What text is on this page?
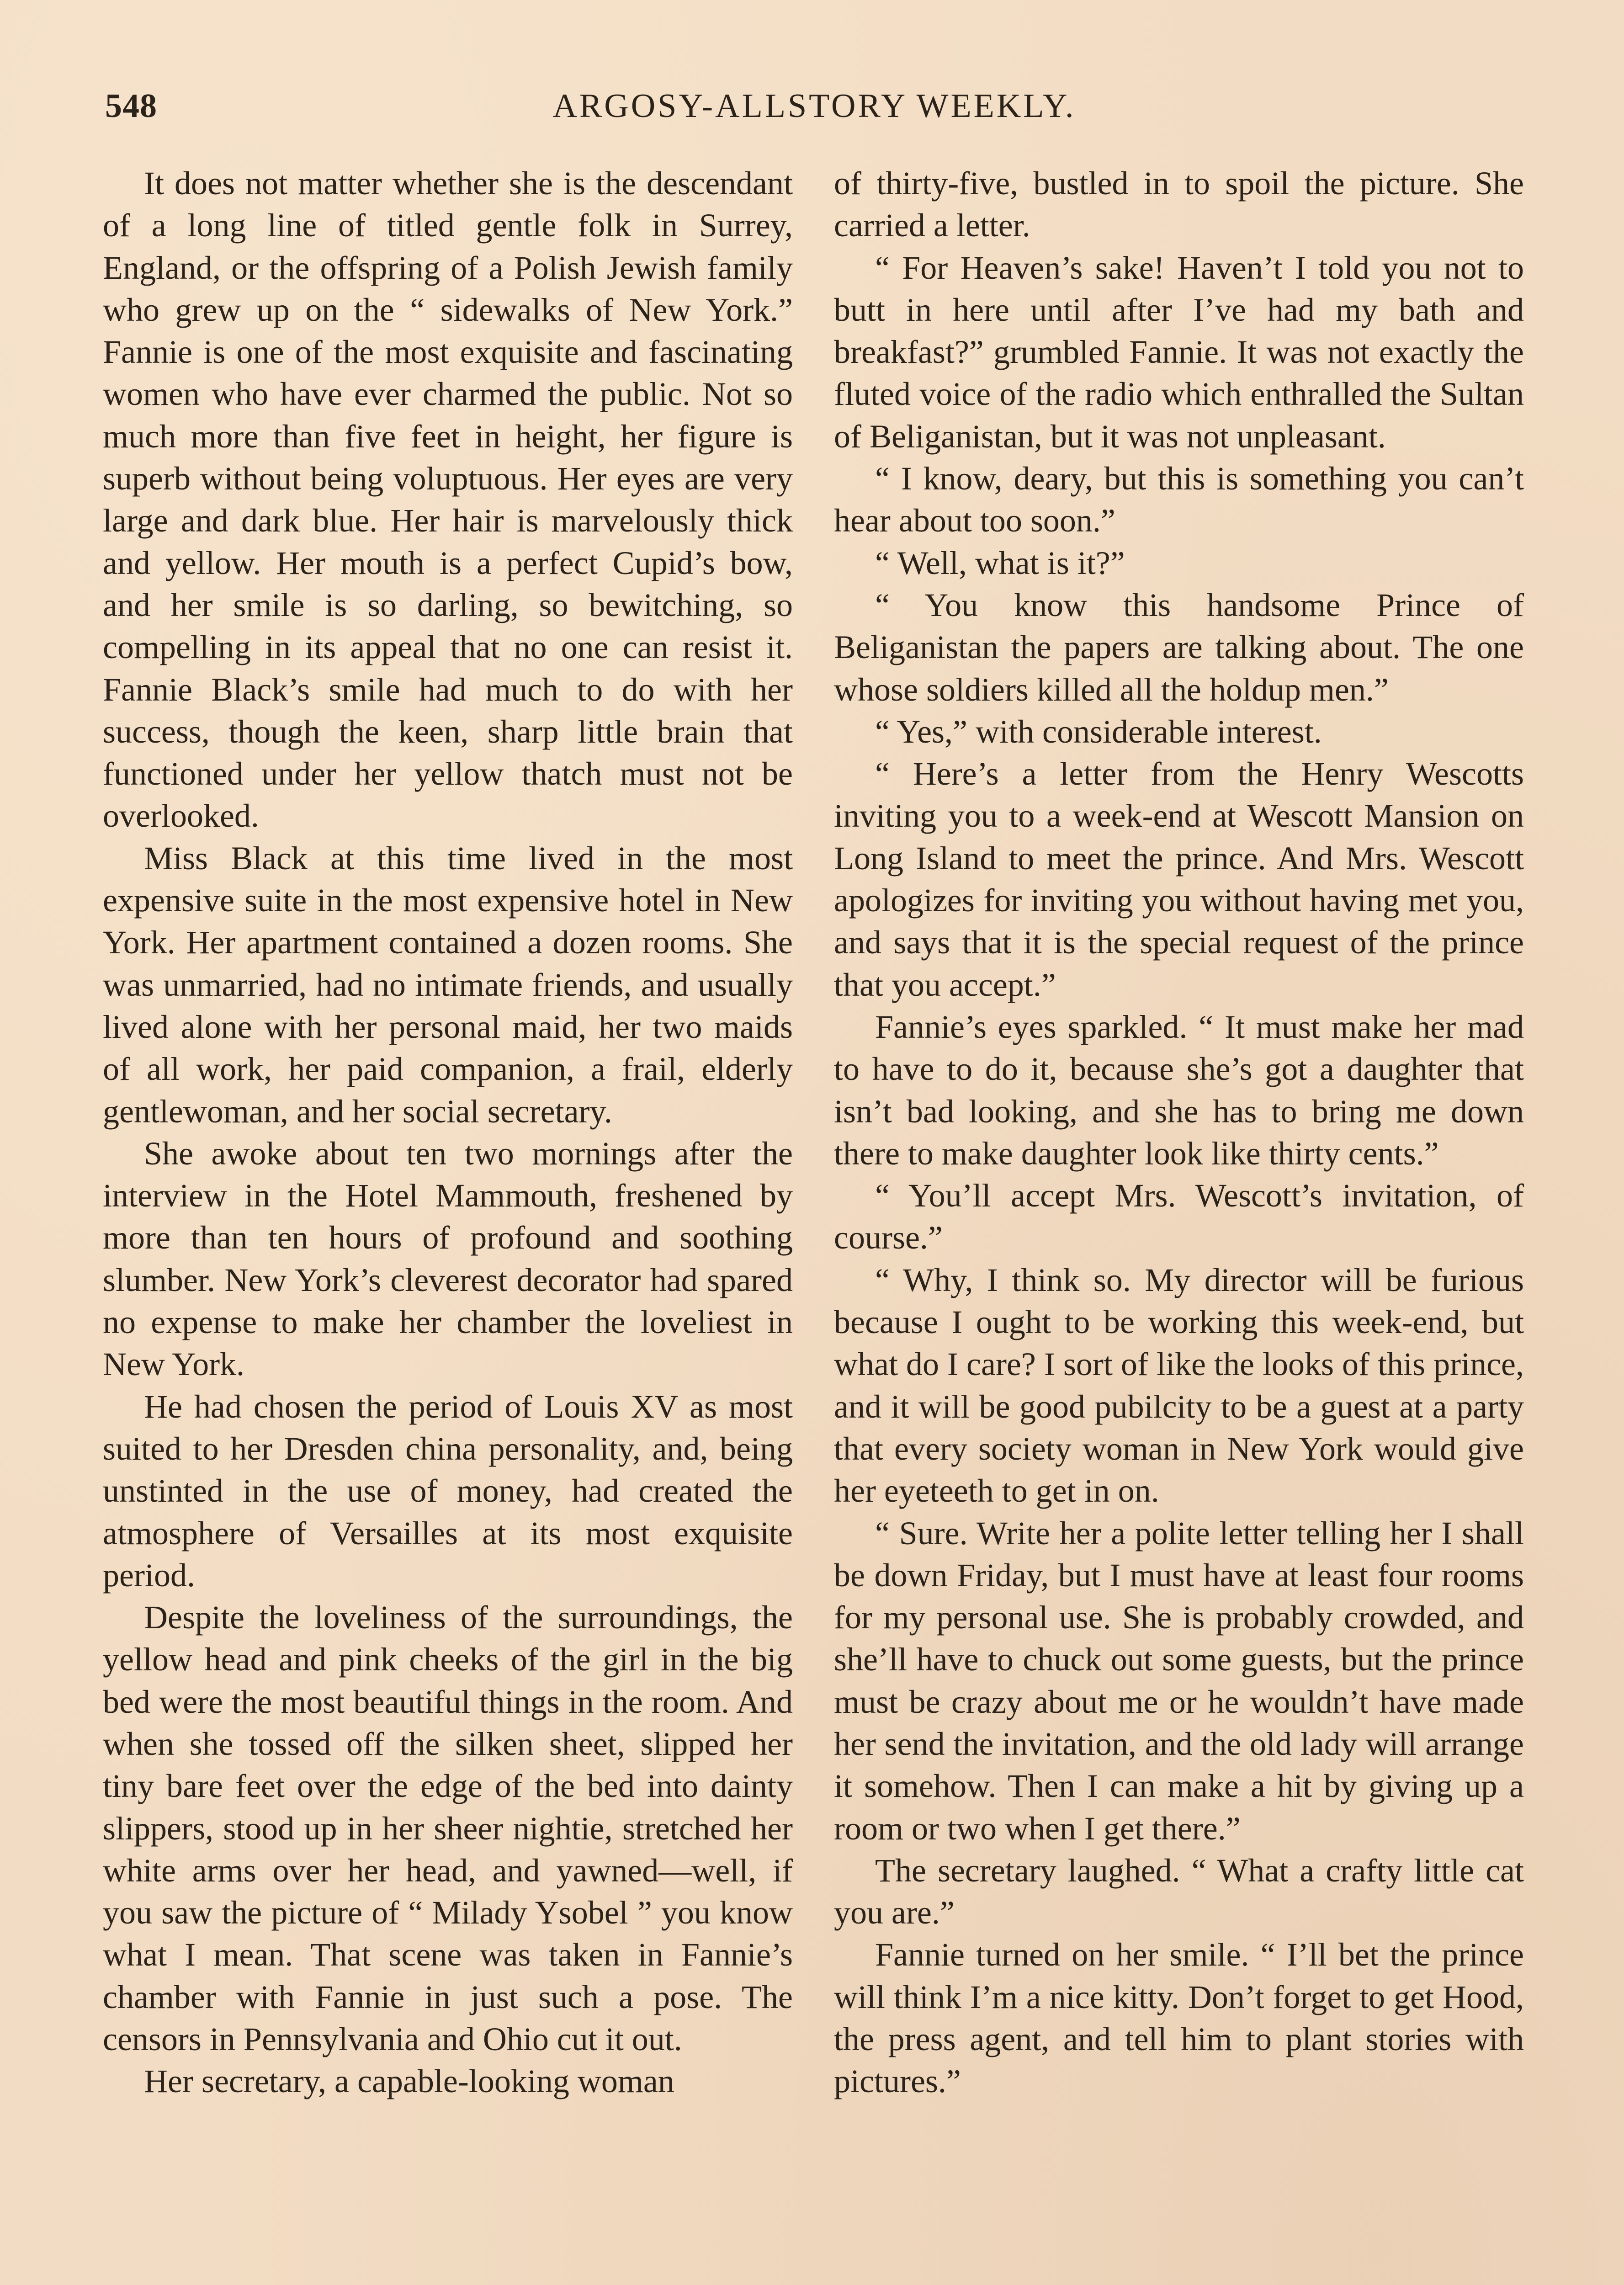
548	ARGOSY-ALLSTORY WEEKLY.

It does not matter whether she is the descendant of a long line of titled gentle folk in Surrey, England, or the offspring of a Polish Jewish family who grew up on the “ sidewalks of New York.” Fannie is one of the most exquisite and fascinating women who have ever charmed the public. Not so much more than five feet in height, her figure is superb without being voluptuous. Her eyes are very large and dark blue. Her hair is marvelously thick and yellow. Her mouth is a perfect Cupid’s bow, and her smile is so darling, so bewitching, so compelling in its appeal that no one can resist it. Fannie Black’s smile had much to do with her success, though the keen, sharp little brain that functioned under her yellow thatch must not be overlooked.

Miss Black at this time lived in the most expensive suite in the most expensive hotel in New York. Her apartment contained a dozen rooms. She was unmarried, had no intimate friends, and usually lived alone with her personal maid, her two maids of all work, her paid companion, a frail, elderly gentlewoman, and her social secretary.

She awoke about ten two mornings after the interview in the Hotel Mammouth, freshened by more than ten hours of profound and soothing slumber. New York’s cleverest decorator had spared no expense to make her chamber the loveliest in New York.

He had chosen the period of Louis XV as most suited to her Dresden china personality, and, being unstinted in the use of money, had created the atmosphere of Versailles at its most exquisite period.

Despite the loveliness of the surroundings, the yellow head and pink cheeks of the girl in the big bed were the most beautiful things in the room. And when she tossed off the silken sheet, slipped her tiny bare feet over the edge of the bed into dainty slippers, stood up in her sheer nightie, stretched her white arms over her head, and yawned—well, if you saw the picture of “ Milady Ysobel ” you know what I mean. That scene was taken in Fannie’s chamber with Fannie in just such a pose. The censors in Pennsylvania and Ohio cut it out.

Her secretary, a capable-looking woman

of thirty-five, bustled in to spoil the picture. She carried a letter.

“ For Heaven’s sake! Haven’t I told you not to butt in here until after I’ve had my bath and breakfast?” grumbled Fannie. It was not exactly the fluted voice of the radio which enthralled the Sultan of Beliganistan, but it was not unpleasant.

“ I know, deary, but this is something you can’t hear about too soon.”

“ Well, what is it?”

“ You know this handsome Prince of Beliganistan the papers are talking about. The one whose soldiers killed all the holdup men.”

“ Yes,” with considerable interest.

“ Here’s a letter from the Henry Wescotts inviting you to a week-end at Wescott Mansion on Long Island to meet the prince. And Mrs. Wescott apologizes for inviting you without having met you, and says that it is the special request of the prince that you accept.”

Fannie’s eyes sparkled. “ It must make her mad to have to do it, because she’s got a daughter that isn’t bad looking, and she has to bring me down there to make daughter look like thirty cents.”

“ You’ll accept Mrs. Wescott’s invitation, of course.”

“ Why, I think so. My director will be furious because I ought to be working this week-end, but what do I care? I sort of like the looks of this prince, and it will be good pubilcity to be a guest at a party that every society woman in New York would give her eyeteeth to get in on.

“ Sure. Write her a polite letter telling her I shall be down Friday, but I must have at least four rooms for my personal use. She is probably crowded, and she’ll have to chuck out some guests, but the prince must be crazy about me or he wouldn’t have made her send the invitation, and the old lady will arrange it somehow. Then I can make a hit by giving up a room or two when I get there.”

The secretary laughed. “ What a crafty little cat you are.”

Fannie turned on her smile. “ I’ll bet the prince will think I’m a nice kitty. Don’t forget to get Hood, the press agent, and tell him to plant stories with pictures.”
